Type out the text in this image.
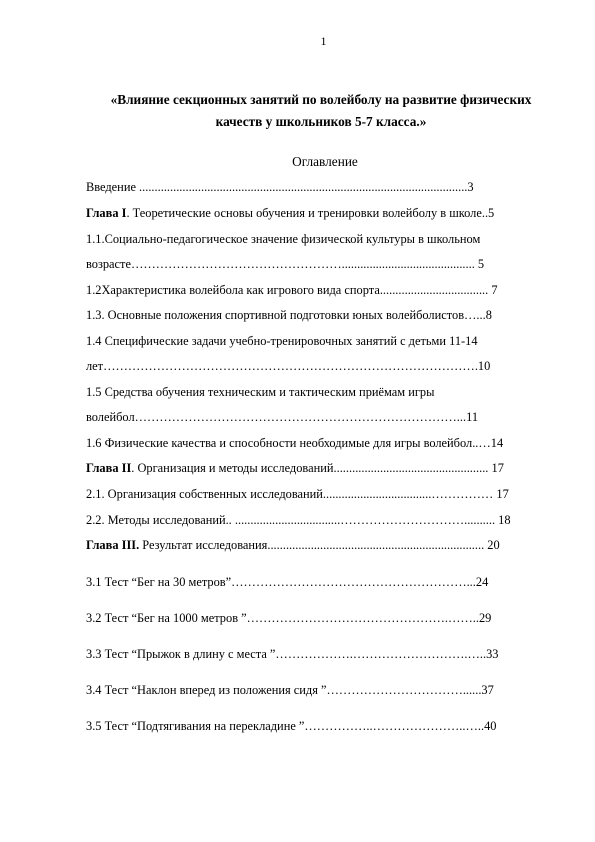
1
«Влияние секционных занятий по волейболу на развитие физических
качеств у школьников 5-7 класса.»
Оглавление
Введение ..........................................................................................................3
Глава I. Теоретические основы обучения и тренировки волейболу в школе..5
1.1.Социально-педагогическое значение физической культуры в школьном
возрасте……………………………………………........................................... 5
1.2Характеристика волейбола как игрового вида спорта................................... 7
1.3. Основные положения спортивной подготовки юных волейболистов…...8
1.4 Специфические задачи учебно-тренировочных занятий с детьми 11-14
лет……………………………………………………………………………….10
1.5 Средства обучения техническим и тактическим приёмам игры
волейбол……………………………………………………………………...11
1.6 Физические качества и способности необходимые для игры волейбол..…14
Глава II. Организация и методы исследований.................................................. 17
2.1. Организация собственных исследований...................................…………… 17
2.2. Методы исследований.. ..................................………………………….......... 18
Глава III. Результат исследования...................................................................... 20
3.1 Тест “Бег на 30 метров”…………………………………………………...24
3.2 Тест “Бег на 1000 метров ”………………………………………….……..29
3.3 Тест “Прыжок в длину с места ”……………….……………………….…..33
3.4 Тест “Наклон вперед из положения сидя ”……………………………......37
3.5 Тест “Подтягивания на перекладине ”……………..…………………..…..40
